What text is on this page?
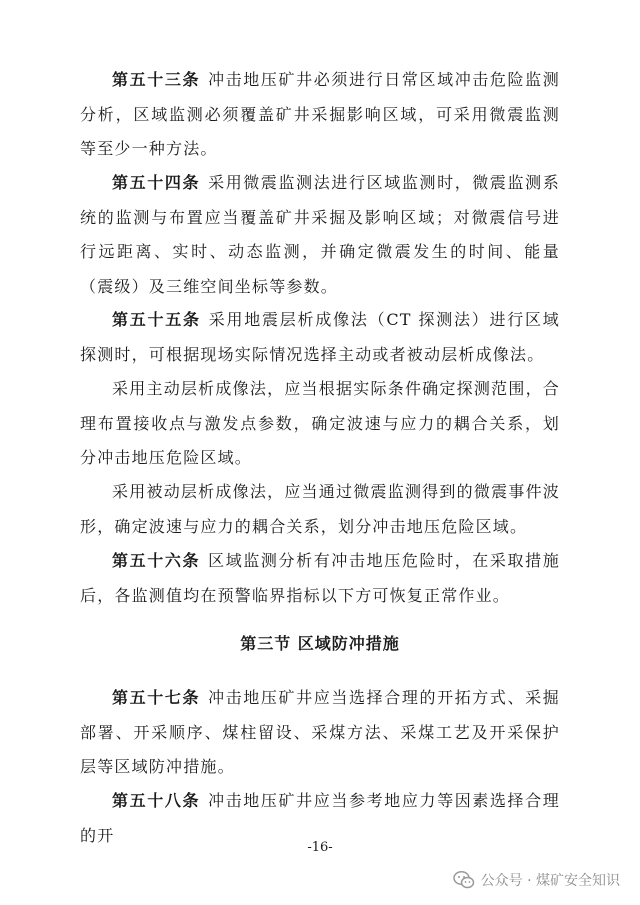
第五十三条 冲击地压矿井必须进行日常区域冲击危险监测分析，区域监测必须覆盖矿井采掘影响区域，可采用微震监测等至少一种方法。

第五十四条 采用微震监测法进行区域监测时，微震监测系统的监测与布置应当覆盖矿井采掘及影响区域；对微震信号进行远距离、实时、动态监测，并确定微震发生的时间、能量（震级）及三维空间坐标等参数。

第五十五条 采用地震层析成像法（CT 探测法）进行区域探测时，可根据现场实际情况选择主动或者被动层析成像法。

采用主动层析成像法，应当根据实际条件确定探测范围，合理布置接收点与激发点参数，确定波速与应力的耦合关系，划分冲击地压危险区域。

采用被动层析成像法，应当通过微震监测得到的微震事件波形，确定波速与应力的耦合关系，划分冲击地压危险区域。

第五十六条 区域监测分析有冲击地压危险时，在采取措施后，各监测值均在预警临界指标以下方可恢复正常作业。

第三节 区域防冲措施

第五十七条 冲击地压矿井应当选择合理的开拓方式、采掘部署、开采顺序、煤柱留设、采煤方法、采煤工艺及开采保护层等区域防冲措施。

第五十八条 冲击地压矿井应当参考地应力等因素选择合理的开

-16-

公众号 · 煤矿安全知识
